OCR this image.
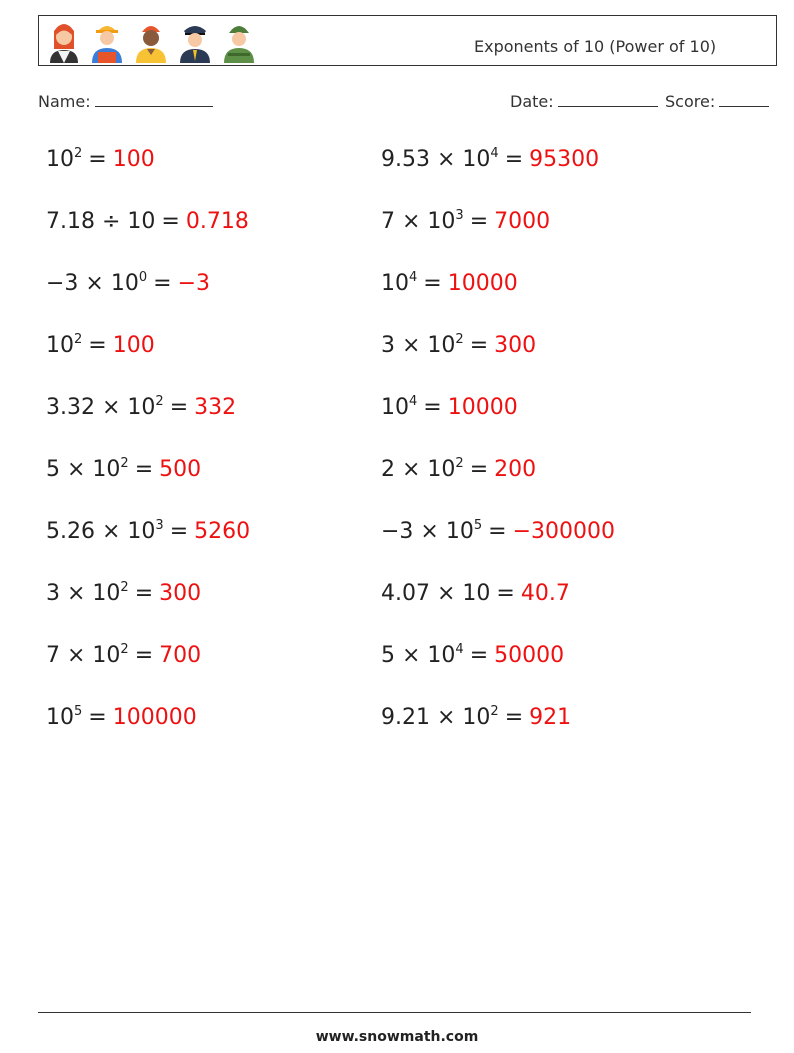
Exponents of 10 (Power of 10)
Name:	Date:	Score:
$10^2 = 100$
7.18 ÷ 10 = 0.718
$-3 \times 10^0 = -3$
$10^2 = 100$
$3.32 \times 10^2 = 332$
$5 \times 10^2 = 500$
$5.26 \times 10^3 = 5260$
$3 \times 10^2 = 300$
$7 \times 10^2 = 700$
$10^5 = 100000$
$9.53 \times 10^4 = 95300$
$7 \times 10^3 = 7000$
$10^4 = 10000$
$3 \times 10^2 = 300$
$10^4 = 10000$
$2 \times 10^2 = 200$
$-3 \times 10^5 = -300000$
4.07 × 10 = 40.7
$5 \times 10^4 = 50000$
$9.21 \times 10^2 = 921$
www.snowmath.com
